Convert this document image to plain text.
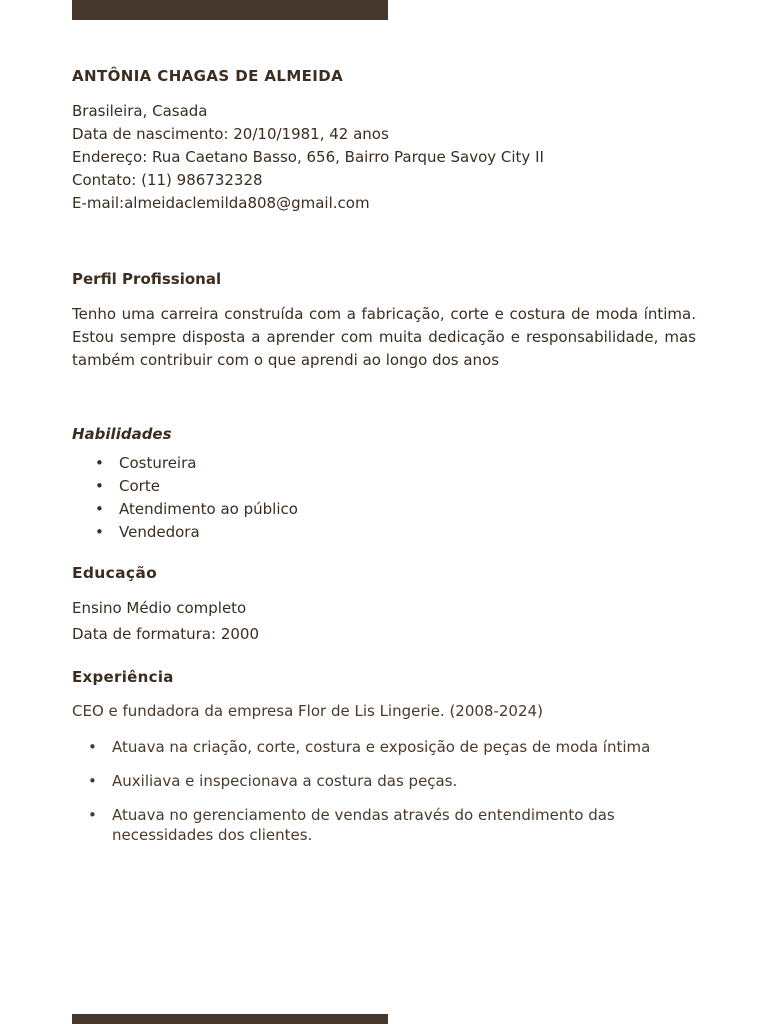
ANTÔNIA CHAGAS DE ALMEIDA
Brasileira, Casada
Data de nascimento: 20/10/1981, 42 anos
Endereço: Rua Caetano Basso, 656, Bairro Parque Savoy City II
Contato: (11) 986732328
E-mail:almeidaclemilda808@gmail.com
Perfil Profissional

Tenho uma carreira construída com a fabricação, corte e costura de moda íntima. Estou sempre disposta a aprender com muita dedicação e responsabilidade, mas também contribuir com o que aprendi ao longo dos anos

Habilidades
• Costureira
• Corte
• Atendimento ao público
• Vendedora
Educação

Ensino Médio completo

Data de formatura: 2000

Experiência

CEO e fundadora da empresa Flor de Lis Lingerie. (2008-2024)

• Atuava na criação, corte, costura e exposição de peças de moda íntima
• Auxiliava e inspecionava a costura das peças.
• Atuava no gerenciamento de vendas através do entendimento das necessidades dos clientes.
